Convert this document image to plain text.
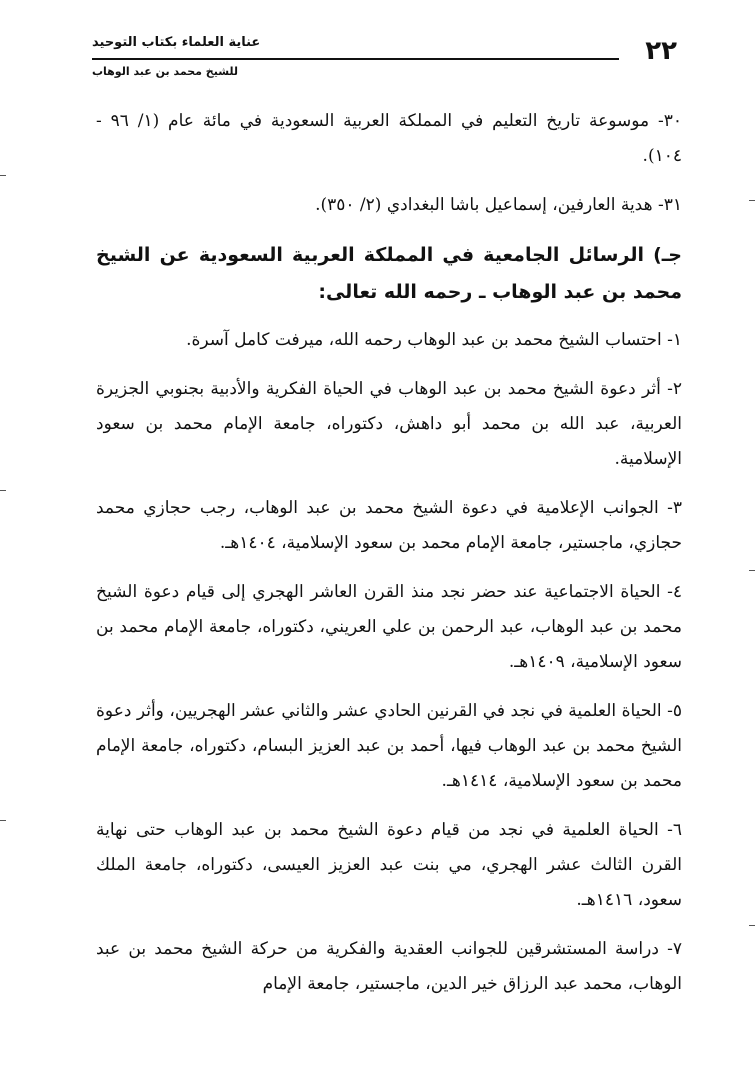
٢٢
عناية العلماء بكتاب التوحيد
للشيخ محمد بن عبد الوهاب

٣٠- موسوعة تاريخ التعليم في المملكة العربية السعودية في مائة عام (١/ ٩٦ - ١٠٤).

٣١- هدية العارفين، إسماعيل باشا البغدادي (٢/ ٣٥٠).

جـ) الرسائل الجامعية في المملكة العربية السعودية عن الشيخ محمد بن عبد الوهاب ـ رحمه الله تعالى:

١- احتساب الشيخ محمد بن عبد الوهاب رحمه الله، ميرفت كامل آسرة.

٢- أثر دعوة الشيخ محمد بن عبد الوهاب في الحياة الفكرية والأدبية بجنوبي الجزيرة العربية، عبد الله بن محمد أبو داهش، دكتوراه، جامعة الإمام محمد بن سعود الإسلامية.

٣- الجوانب الإعلامية في دعوة الشيخ محمد بن عبد الوهاب، رجب حجازي محمد حجازي، ماجستير، جامعة الإمام محمد بن سعود الإسلامية، ١٤٠٤هـ.

٤- الحياة الاجتماعية عند حضر نجد منذ القرن العاشر الهجري إلى قيام دعوة الشيخ محمد بن عبد الوهاب، عبد الرحمن بن علي العريني، دكتوراه، جامعة الإمام محمد بن سعود الإسلامية، ١٤٠٩هـ.

٥- الحياة العلمية في نجد في القرنين الحادي عشر والثاني عشر الهجريين، وأثر دعوة الشيخ محمد بن عبد الوهاب فيها، أحمد بن عبد العزيز البسام، دكتوراه، جامعة الإمام محمد بن سعود الإسلامية، ١٤١٤هـ.

٦- الحياة العلمية في نجد من قيام دعوة الشيخ محمد بن عبد الوهاب حتى نهاية القرن الثالث عشر الهجري، مي بنت عبد العزيز العيسى، دكتوراه، جامعة الملك سعود، ١٤١٦هـ.

٧- دراسة المستشرقين للجوانب العقدية والفكرية من حركة الشيخ محمد بن عبد الوهاب، محمد عبد الرزاق خير الدين، ماجستير، جامعة الإمام
